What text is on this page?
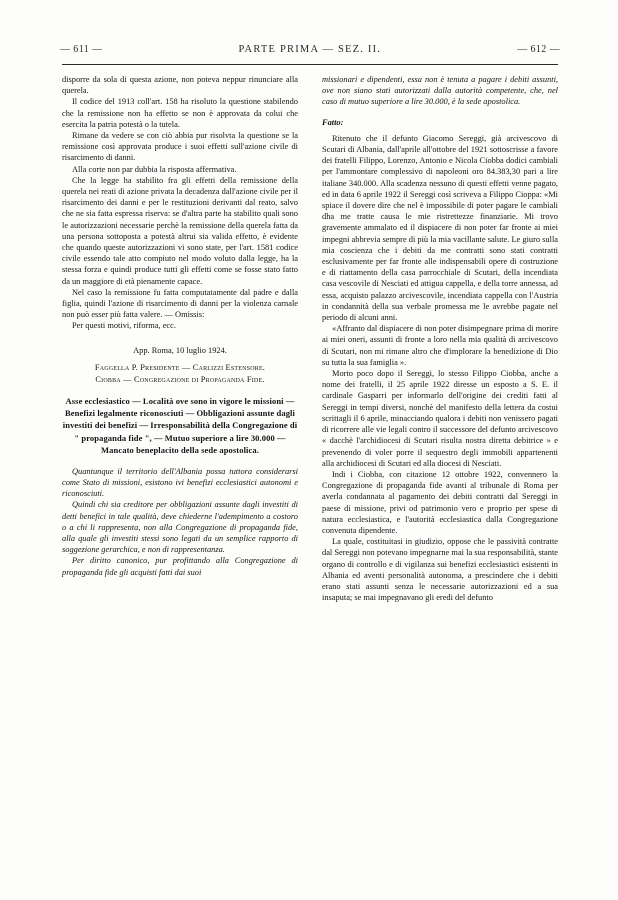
— 611 —	PARTE PRIMA — SEZ. II.	— 612 —

disporre da sola di questa azione, non poteva neppur rinunciare alla querela.

Il codice del 1913 coll'art. 158 ha risoluto la questione stabilendo che la remissione non ha effetto se non è approvata da colui che esercita la patria potestà o la tutela.

Rimane da vedere se con ciò abbia pur risolvta la questione se la remissione così approvata produce i suoi effetti sull'azione civile di risarcimento di danni.

Alla corte non par dubbia la risposta affermativa.

Che la legge ha stabilito fra gli effetti della remissione della querela nei reati di azione privata la decadenza dall'azione civile per il risarcimento dei danni e per le restituzioni derivanti dal reato, salvo che ne sia fatta espressa riserva: se d'altra parte ha stabilito quali sono le autorizzazioni necessarie perchè la remissione della querela fatta da una persona sottoposta a potestà altrui sia valida effetto, è evidente che quando queste autorizzazioni vi sono state, per l'art. 1581 codice civile essendo tale atto compiuto nel modo voluto dalla legge, ha la stessa forza e quindi produce tutti gli effetti come se fosse stato fatto da un maggiore di età pienamente capace.

Nel caso la remissione fu fatta computatamente dal padre e dalla figlia, quindi l'azione di risarcimento di danni per la violenza carnale non può esser più fatta valere. — Omissis:

Per questi motivi, riforma, ecc.

App. Roma, 10 luglio 1924.

Faggella P. Presidente — Carlizzi Estensore.

Ciobba — Congregazione di Propaganda Fide.

Asse ecclesiastico — Località ove sono in vigore le missioni — Benefizi legalmente riconosciuti — Obbligazioni assunte dagli investiti dei benefizi — Irresponsabilità della Congregazione di " propaganda fide ", — Mutuo superiore a lire 30.000 — Mancato beneplacito della sede apostolica.

Quantunque il territorio dell'Albania possa tuttora considerarsi come Stato di missioni, esistono ivi benefizi ecclesiastici autonomi e riconosciuti.

Quindi chi sia creditore per obbligazioni assunte dagli investiti di detti benefici in tale qualità, deve chiederne l'adempimento a costoro o a chi li rappresenta, non alla Congregazione di propaganda fide, alla quale gli investiti stessi sono legati da un semplice rapporto di soggezione gerarchica, e non di rappresentanza.

Per diritto canonico, pur profittando alla Congregazione di propaganda fide gli acquisti fatti dai suoi

missionari e dipendenti, essa non è tenuta a pagare i debiti assunti, ove non siano stati autorizzati dalla autorità competente, che, nel caso di mutuo superiore a lire 30.000, è la sede apostolica.

Fatto:

Ritenuto che il defunto Giacomo Sereggi, già arcivescovo di Scutari di Albania, dall'aprile all'ottobre del 1921 sottoscrisse a favore dei fratelli Filippo, Lorenzo, Antonio e Nicola Ciobba dodici cambiali per l'ammontare complessivo di napoleoni oro 84.383,30 pari a lire italiane 340.000. Alla scadenza nessuno di questi effetti venne pagato, ed in data 6 aprile 1922 il Sereggi così scriveva a Filippo Cioppa: «Mi spiace il dovere dire che nel è impossibile di poter pagare le cambiali dha me tratte causa le mie ristrettezze finanziarie. Mi trovo gravemente ammalato ed il dispiacere di non poter far fronte ai miei impegni abbrevia sempre di più la mia vacillante salute. Le giuro sulla mia coscienza che i debiti da me contratti sono stati contratti esclusivamente per far fronte alle indispensabili opere di costruzione e di riattamento della casa parrocchiale di Scutari, della incendiata casa vescovile di Nesciati ed attigua cappella, e della torre annessa, ad essa, acquisto palazzo arcivescovile, incendiata cappella con l'Austria in condannità della sua verbale promessa me le avrebbe pagate nel periodo di alcuni anni.

«Affranto dal dispiacere di non poter disimpegnare prima di morire ai miei oneri, assunti di fronte a loro nella mia qualità di arcivescovo di Scutari, non mi rimane altro che d'implorare la benedizione di Dio su tutta la sua famiglia ».

Morto poco dopo il Sereggi, lo stesso Filippo Ciobba, anche a nome dei fratelli, il 25 aprile 1922 diresse un esposto a S. E. il cardinale Gasparri per informarlo dell'origine dei crediti fatti al Sereggi in tempi diversi, nonchè del manifesto della lettera da costui scrittagli il 6 aprile, minacciando qualora i debiti non venissero pagati di ricorrere alle vie legali contro il successore del defunto arcivescovo « dacchè l'archidiocesi di Scutari risulta nostra diretta debitrice » e prevenendo di voler porre il sequestro degli immobili appartenenti alla archidiocesi di Scutari ed alla diocesi di Nesciati.

Indi i Ciobba, con citazione 12 ottobre 1922, convennero la Congregazione di propaganda fide avanti al tribunale di Roma per averla condannata al pagamento dei debiti contratti dal Sereggi in paese di missione, privi od patrimonio vero e proprio per spese di natura ecclesiastica, e l'autorità ecclesiastica dalla Congregazione convenuta dipendente.

La quale, costituitasi in giudizio, oppose che le passività contratte dal Sereggi non potevano impegnarne mai la sua responsabilità, stante organo di controllo e di vigilanza sui benefizi ecclesiastici esistenti in Albania ed aventi personalità autonoma, a prescindere che i debiti erano stati assunti senza le necessarie autorizzazioni ed a sua insaputa; se mai impegnavano gli eredi del defunto
